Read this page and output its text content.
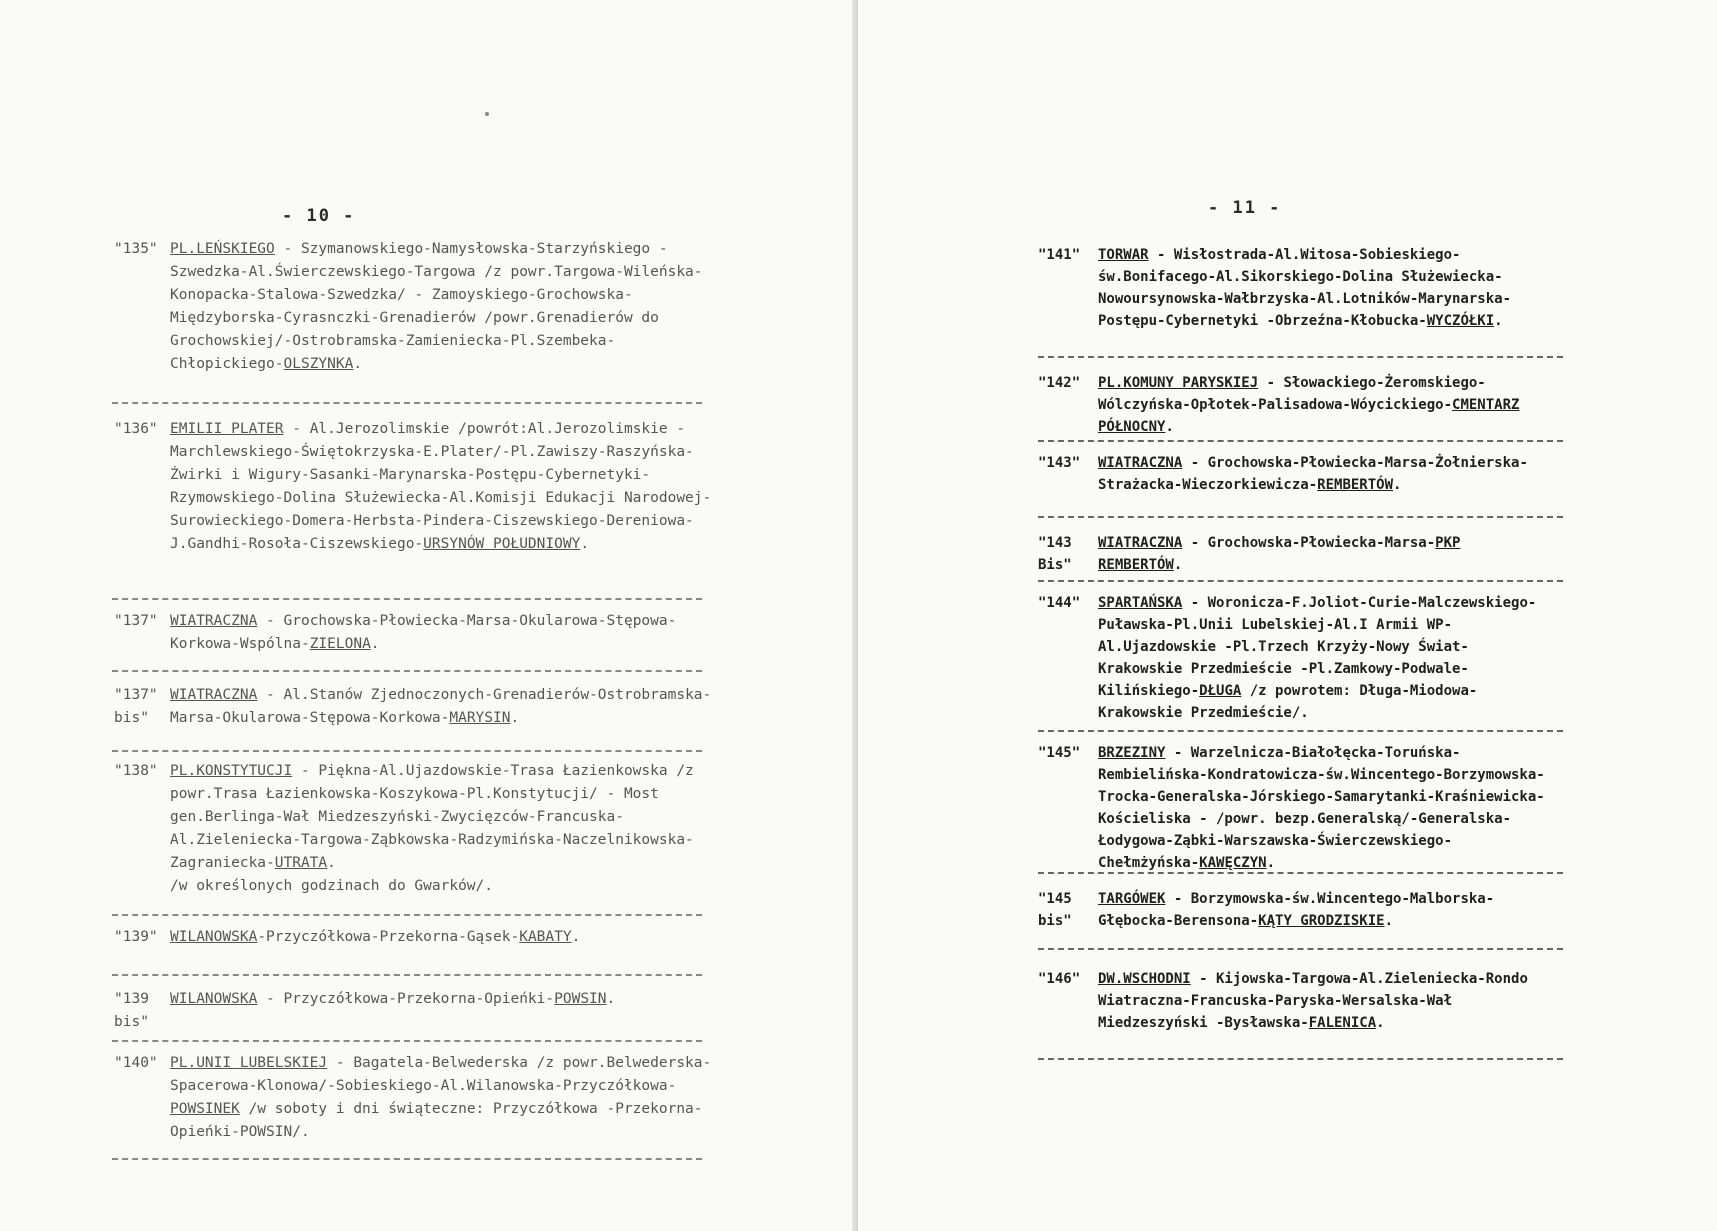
- 10 -
"135" PL.LEŃSKIEGO - Szymanowskiego-Namysłowska-Starzyńskiego -Szwedzka-Al.Świerczewskiego-Targowa /z powr.Targowa-Wileńska-Konopacka-Stalowa-Szwedzka/ - Zamoyskiego-Grochowska-Międzyborska-Cyrasnczki-Grenadierów /powr.Grenadierów do Grochowskiej/-Ostrobramska-Zamieniecka-Pl.Szembeka-Chłopickiego-OLSZYNKA.
"136" EMILII PLATER - Al.Jerozolimskie /powrót:Al.Jerozolimskie -Marchlewskiego-Świętokrzyska-E.Plater/-Pl.Zawiszy-Raszyńska-Żwirki i Wigury-Sasanki-Marynarska-Postępu-Cybernetyki-Rzymowskiego-Dolina Służewiecka-Al.Komisji Edukacji Narodowej-Surowieckiego-Domera-Herbsta-Pindera-Ciszewskiego-Dereniowa-J.Gandhi-Rosoła-Ciszewskiego-URSYNÓW POŁUDNIOWY.
"137" WIATRACZNA - Grochowska-Płowiecka-Marsa-Okularowa-Stępowa-Korkowa-Wspólna-ZIELONA.
"137"
bis"
WIATRACZNA - Al.Stanów Zjednoczonych-Grenadierów-Ostrobramska-Marsa-Okularowa-Stępowa-Korkowa-MARYSIN.
"138" PL.KONSTYTUCJI - Piękna-Al.Ujazdowskie-Trasa Łazienkowska /z powr.Trasa Łazienkowska-Koszykowa-Pl.Konstytucji/ - Most gen.Berlinga-Wał Miedzeszyński-Zwycięzców-Francuska-Al.Zieleniecka-Targowa-Ząbkowska-Radzymińska-Naczelnikowska-Zagraniecka-UTRATA.
/w określonych godzinach do Gwarków/.
"139" WILANOWSKA-Przyczółkowa-Przekorna-Gąsek-KABATY.
"139
bis"
WILANOWSKA - Przyczółkowa-Przekorna-Opieńki-POWSIN.
"140" PL.UNII LUBELSKIEJ - Bagatela-Belwederska /z powr.Belwederska-Spacerowa-Klonowa/-Sobieskiego-Al.Wilanowska-Przyczółkowa-POWSINEK /w soboty i dni świąteczne: Przyczółkowa -Przekorna-Opieńki-POWSIN/.
- 11 -
"141"	TORWAR - Wisłostrada-Al.Witosa-Sobieskiego-św.Bonifacego-Al.Sikorskiego-Dolina Służewiecka-Nowoursynowska-Wałbrzyska-Al.Lotników-Marynarska-Postępu-Cybernetyki -Obrzeźna-Kłobucka-WYCZÓŁKI.
"142"	PL.KOMUNY PARYSKIEJ - Słowackiego-Żeromskiego-Wólczyńska-Opłotek-Palisadowa-Wóycickiego-CMENTARZ PÓŁNOCNY.
"143"	WIATRACZNA - Grochowska-Płowiecka-Marsa-Żołnierska-Strażacka-Wieczorkiewicza-REMBERTÓW.
"143
Bis"
WIATRACZNA - Grochowska-Płowiecka-Marsa-PKP REMBERTÓW.
"144"	SPARTAŃSKA - Woronicza-F.Joliot-Curie-Malczewskiego-Puławska-Pl.Unii Lubelskiej-Al.I Armii WP-Al.Ujazdowskie -Pl.Trzech Krzyży-Nowy Świat-Krakowskie Przedmieście -Pl.Zamkowy-Podwale-Kilińskiego-DŁUGA /z powrotem: Długa-Miodowa- Krakowskie Przedmieście/.
"145"	BRZEZINY - Warzelnicza-Białołęcka-Toruńska-Rembielińska-Kondratowicza-św.Wincentego-Borzymowska-Trocka-Generalska-Jórskiego-Samarytanki-Kraśniewicka-Kościeliska - /powr. bezp.Generalską/-Generalska-Łodygowa-Ząbki-Warszawska-Świerczewskiego-Chełmżyńska-KAWĘCZYN.
"145
bis"
TARGÓWEK - Borzymowska-św.Wincentego-Malborska-Głębocka-Berensona-KĄTY GRODZISKIE.
"146"	DW.WSCHODNI - Kijowska-Targowa-Al.Zieleniecka-Rondo Wiatraczna-Francuska-Paryska-Wersalska-Wał Miedzeszyński -Bysławska-FALENICA.
